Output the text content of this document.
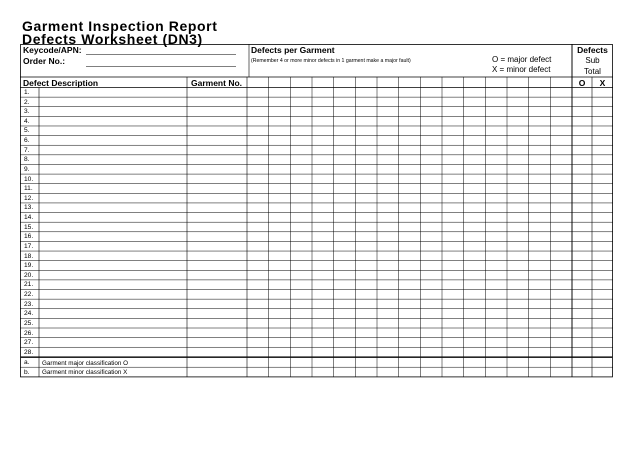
Garment Inspection Report
Defects Worksheet (DN3)
Keycode/APN:
Order No.:
Defects per Garment
(Remember 4 or more minor defects in 1 garment make a major fault)	O = major defect
X = minor defect
Defects
Sub
Total
Defect Description	Garment No.	O	X
1.
2.
3.
4.
5.
6.
7.
8.
9.
10.
11.
12.
13.
14.
15.
16.
17.
18.
19.
20.
21.
22.
23.
24.
25.
26.
27.
28.
a. Garment major classification O
b. Garment minor classification X
